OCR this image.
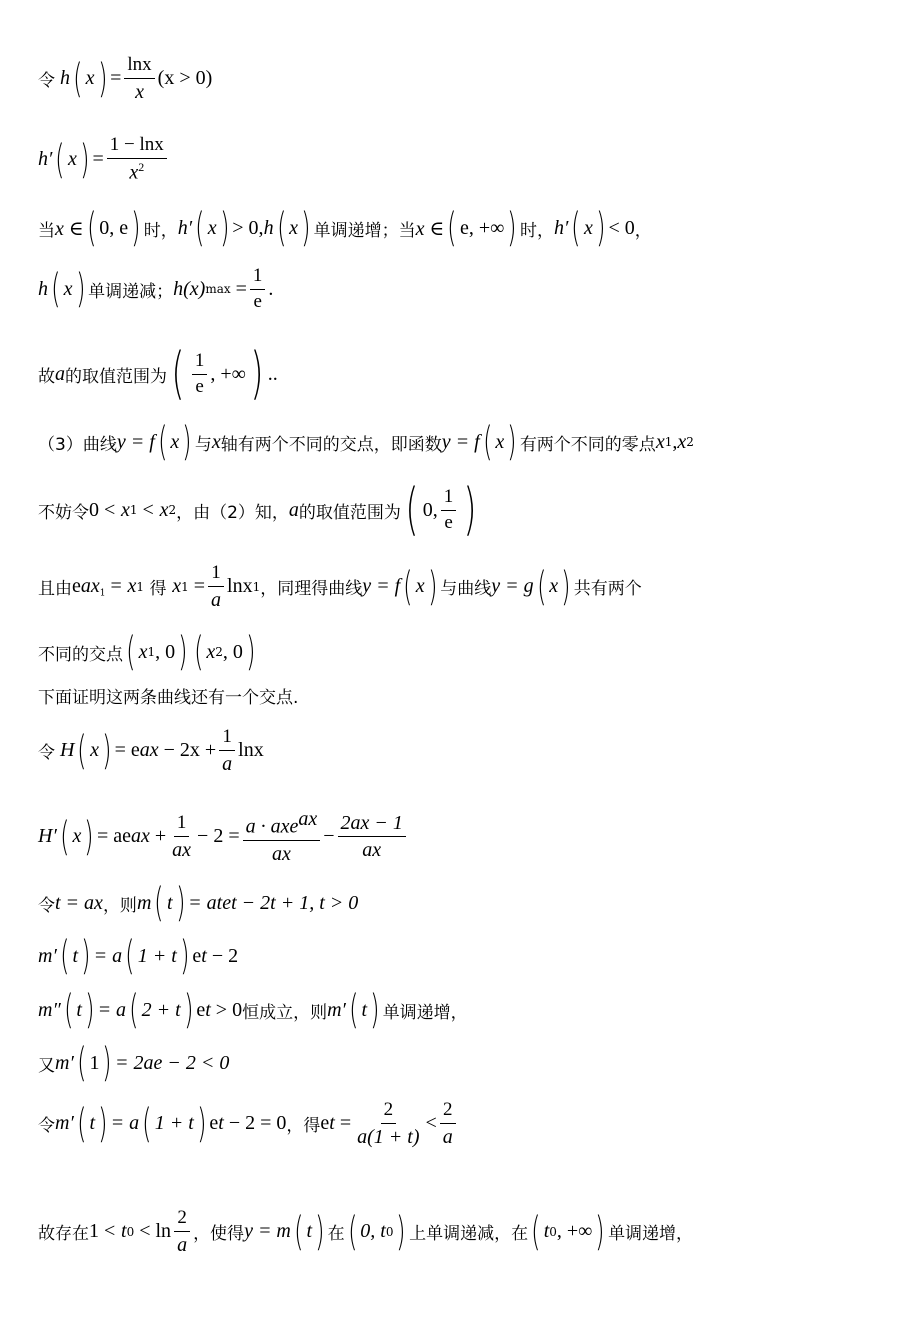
令 h ( x ) = $\frac{\ln x}{x} (x > 0)$
h′ ( x ) = $\frac{1 - \ln x}{x^2}$
当 x ∈ ( 0, e ) 时， h′ ( x ) > 0, h ( x ) 单调递增；当 x ∈ ( e, +∞ ) 时， h′ ( x ) < 0 ，
h ( x ) 单调递减； h(x) $\max = \frac{1}{e}$ .
故 a 的取值范围为 ( $\frac{1}{e}$ , +∞ ) ..
（3）曲线 y = f ( x ) 与 x 轴有两个不同的交点，即函数 y = f ( x ) 有两个不同的零点 x 1 , x 2
不妨令 0 <
x 1
<
x 2 ，由（2）知， a 的取值范围为 ( 0, $\frac{1}{e}$ )
且由 e $ax_1$
=
x 1
得
x 1
= $\frac{1}{a}$ lnx 1 ，同理得曲线 y = f ( x ) 与曲线 y = g ( x ) 共有两个
不同的交点 ( x 1 , 0 ) ( x 2 , 0 )
下面证明这两条曲线还有一个交点.
令 H ( x ) = e ax
− $2x + \frac{1}{a}$ lnx
H′ ( x ) = ae ax
+ $\frac{1}{ax} - 2 = \frac{a \cdot axe^{ax}}{ax} - \frac{2ax - 1}{ax}$
令 t = ax ，则 m ( t ) = ate t
− 2t + 1, t > 0
m′ ( t ) = a ( 1 + t ) e t
− 2
m″ ( t ) = a ( 2 + t ) e t
> 0 恒成立，则 m′ ( t ) 单调递增，
又 m′ ( 1 ) = 2ae − 2 < 0
令 m′ ( t ) = a ( 1 + t ) e t
− 2 = 0 ，得 e t
= $\frac{2}{a(1 + t)} < \frac{2}{a}$
故存在 1 <
t 0
< $\ln \frac{2}{a}$ ，使得 y = m ( t ) 在 ( 0, t 0 ) 上单调递减，在 ( t 0 , +∞ ) 单调递增，
